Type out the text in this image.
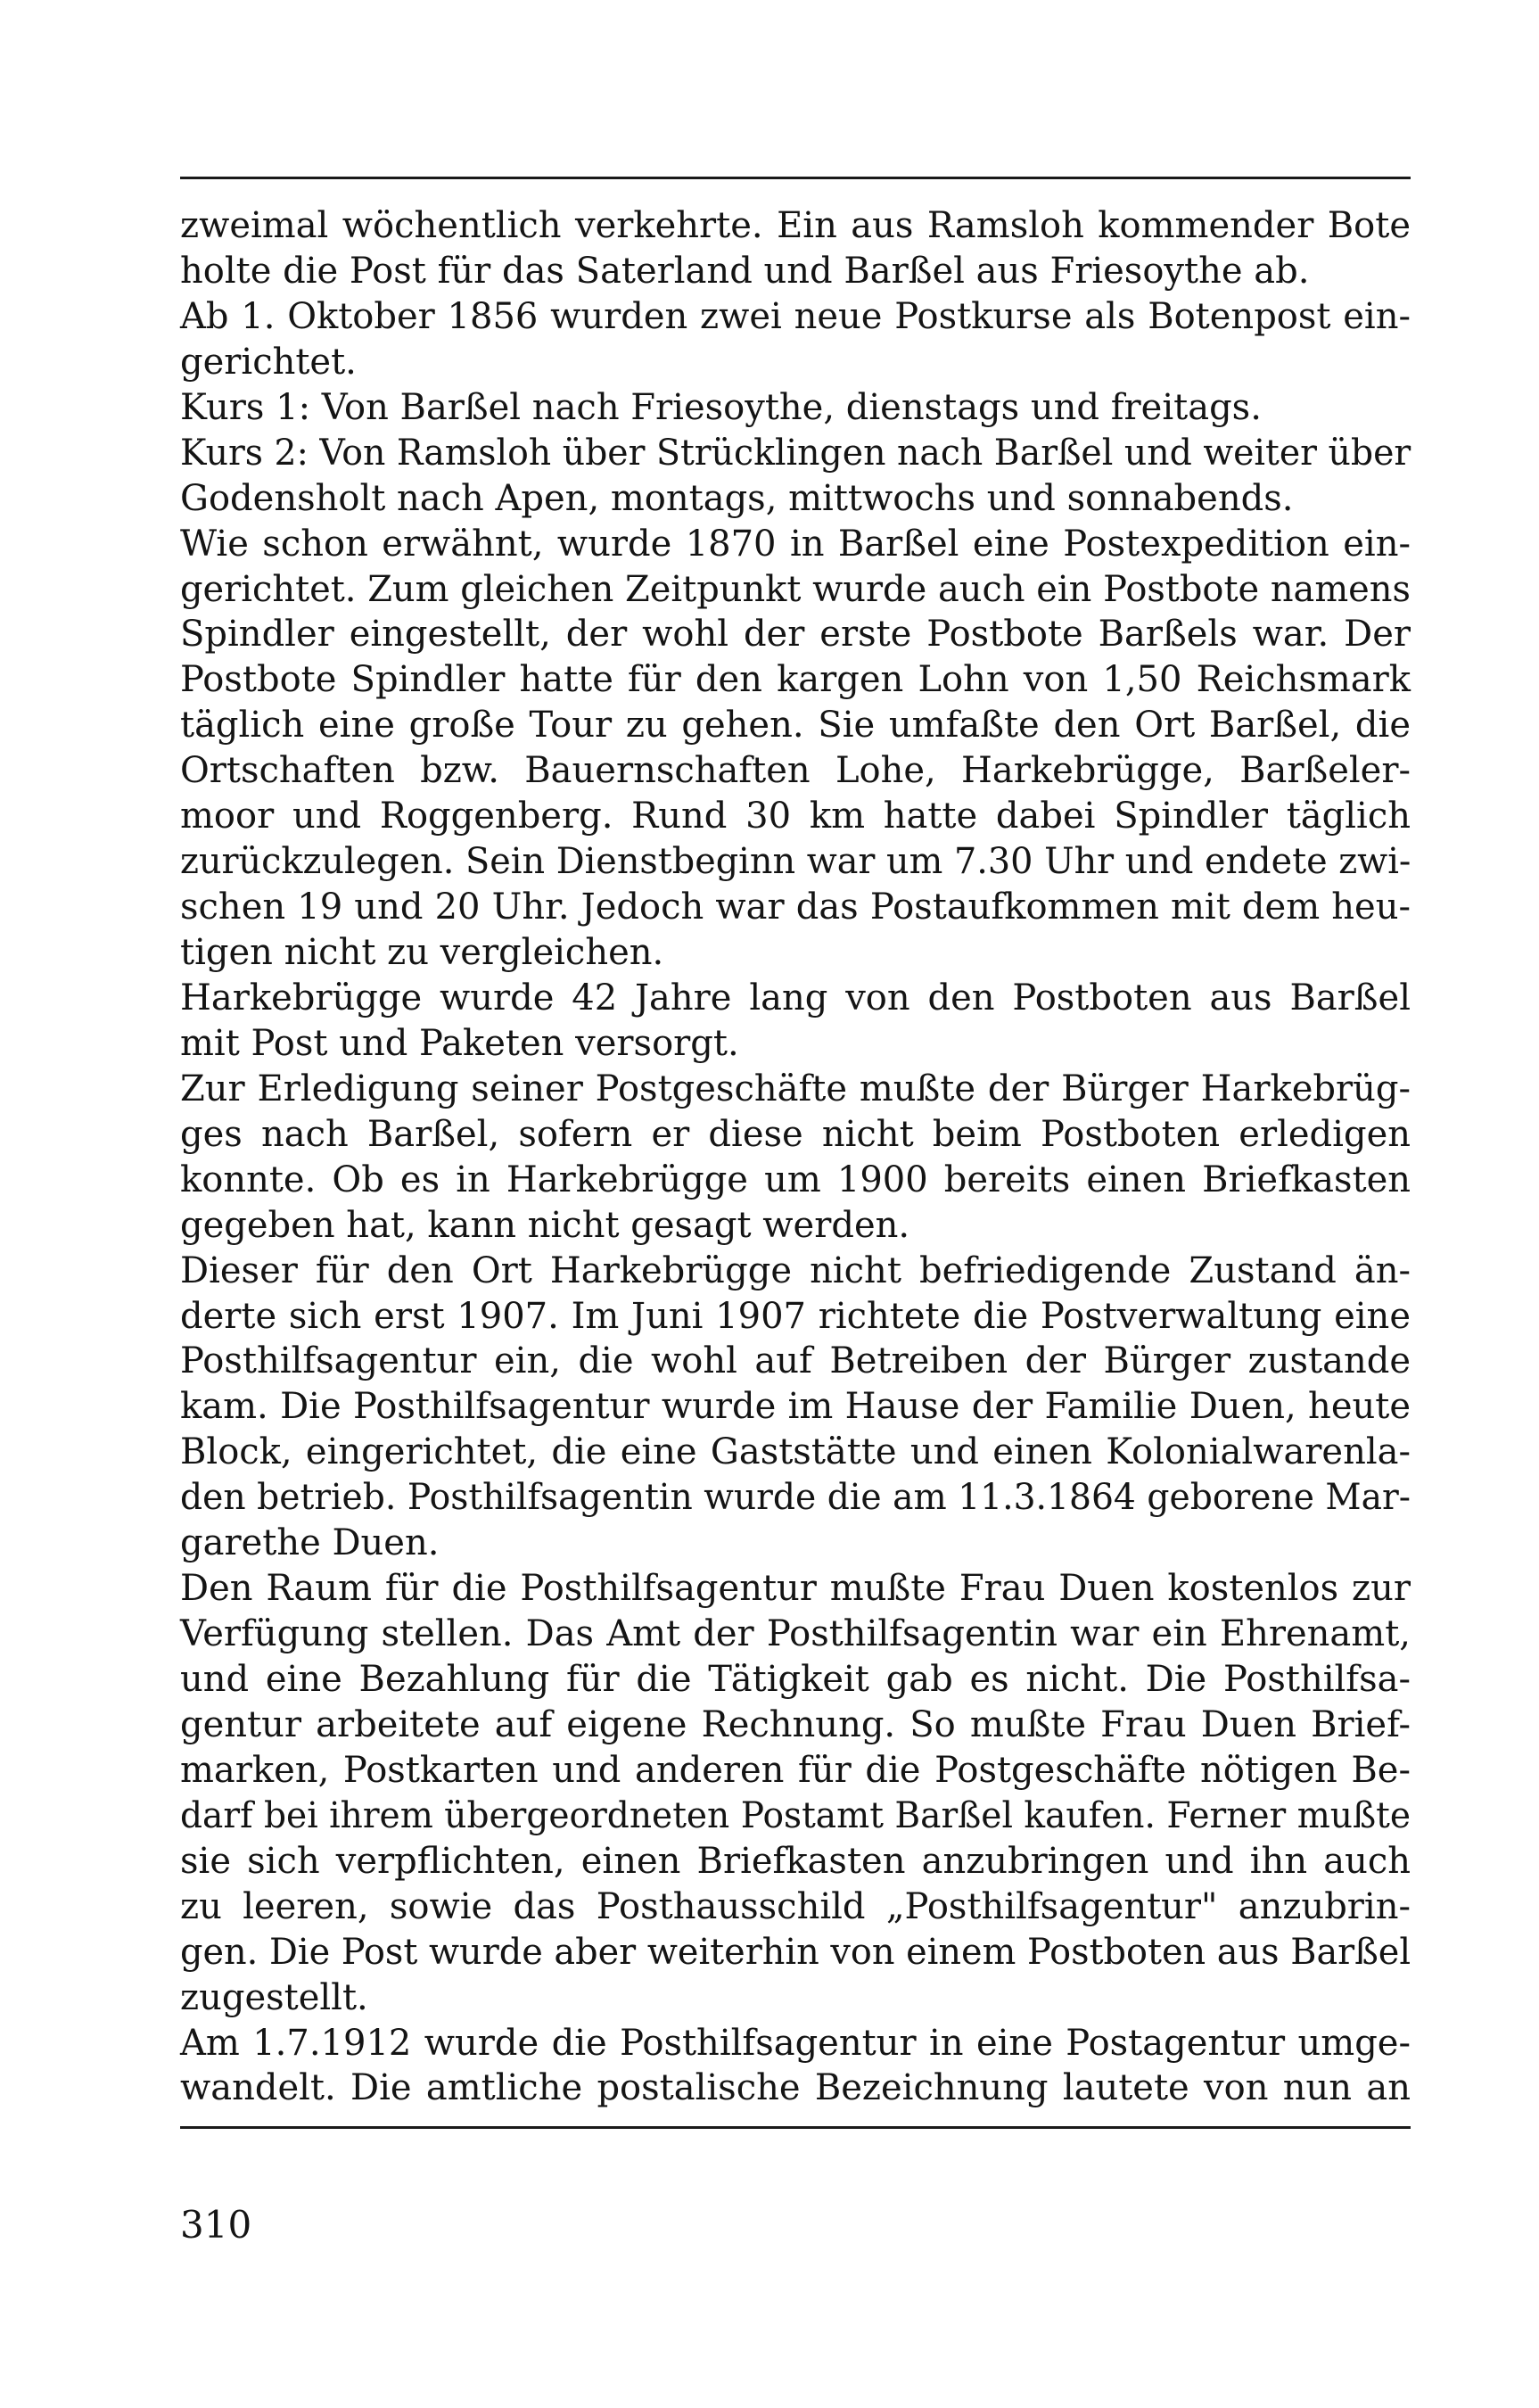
zweimal wöchentlich verkehrte. Ein aus Ramsloh kommender Bote
holte die Post für das Saterland und Barßel aus Friesoythe ab.
Ab 1. Oktober 1856 wurden zwei neue Postkurse als Botenpost ein-
gerichtet.
Kurs 1: Von Barßel nach Friesoythe, dienstags und freitags.
Kurs 2: Von Ramsloh über Strücklingen nach Barßel und weiter über
Godensholt nach Apen, montags, mittwochs und sonnabends.
Wie schon erwähnt, wurde 1870 in Barßel eine Postexpedition ein-
gerichtet. Zum gleichen Zeitpunkt wurde auch ein Postbote namens
Spindler eingestellt, der wohl der erste Postbote Barßels war. Der
Postbote Spindler hatte für den kargen Lohn von 1,50 Reichsmark
täglich eine große Tour zu gehen. Sie umfaßte den Ort Barßel, die
Ortschaften bzw. Bauernschaften Lohe, Harkebrügge, Barßeler-
moor und Roggenberg. Rund 30 km hatte dabei Spindler täglich
zurückzulegen. Sein Dienstbeginn war um 7.30 Uhr und endete zwi-
schen 19 und 20 Uhr. Jedoch war das Postaufkommen mit dem heu-
tigen nicht zu vergleichen.
Harkebrügge wurde 42 Jahre lang von den Postboten aus Barßel
mit Post und Paketen versorgt.
Zur Erledigung seiner Postgeschäfte mußte der Bürger Harkebrüg-
ges nach Barßel, sofern er diese nicht beim Postboten erledigen
konnte. Ob es in Harkebrügge um 1900 bereits einen Briefkasten
gegeben hat, kann nicht gesagt werden.
Dieser für den Ort Harkebrügge nicht befriedigende Zustand än-
derte sich erst 1907. Im Juni 1907 richtete die Postverwaltung eine
Posthilfsagentur ein, die wohl auf Betreiben der Bürger zustande
kam. Die Posthilfsagentur wurde im Hause der Familie Duen, heute
Block, eingerichtet, die eine Gaststätte und einen Kolonialwarenla-
den betrieb. Posthilfsagentin wurde die am 11.3.1864 geborene Mar-
garethe Duen.
Den Raum für die Posthilfsagentur mußte Frau Duen kostenlos zur
Verfügung stellen. Das Amt der Posthilfsagentin war ein Ehrenamt,
und eine Bezahlung für die Tätigkeit gab es nicht. Die Posthilfsa-
gentur arbeitete auf eigene Rechnung. So mußte Frau Duen Brief-
marken, Postkarten und anderen für die Postgeschäfte nötigen Be-
darf bei ihrem übergeordneten Postamt Barßel kaufen. Ferner mußte
sie sich verpflichten, einen Briefkasten anzubringen und ihn auch
zu leeren, sowie das Posthausschild „Posthilfsagentur" anzubrin-
gen. Die Post wurde aber weiterhin von einem Postboten aus Barßel
zugestellt.
Am 1.7.1912 wurde die Posthilfsagentur in eine Postagentur umge-
wandelt. Die amtliche postalische Bezeichnung lautete von nun an
310
